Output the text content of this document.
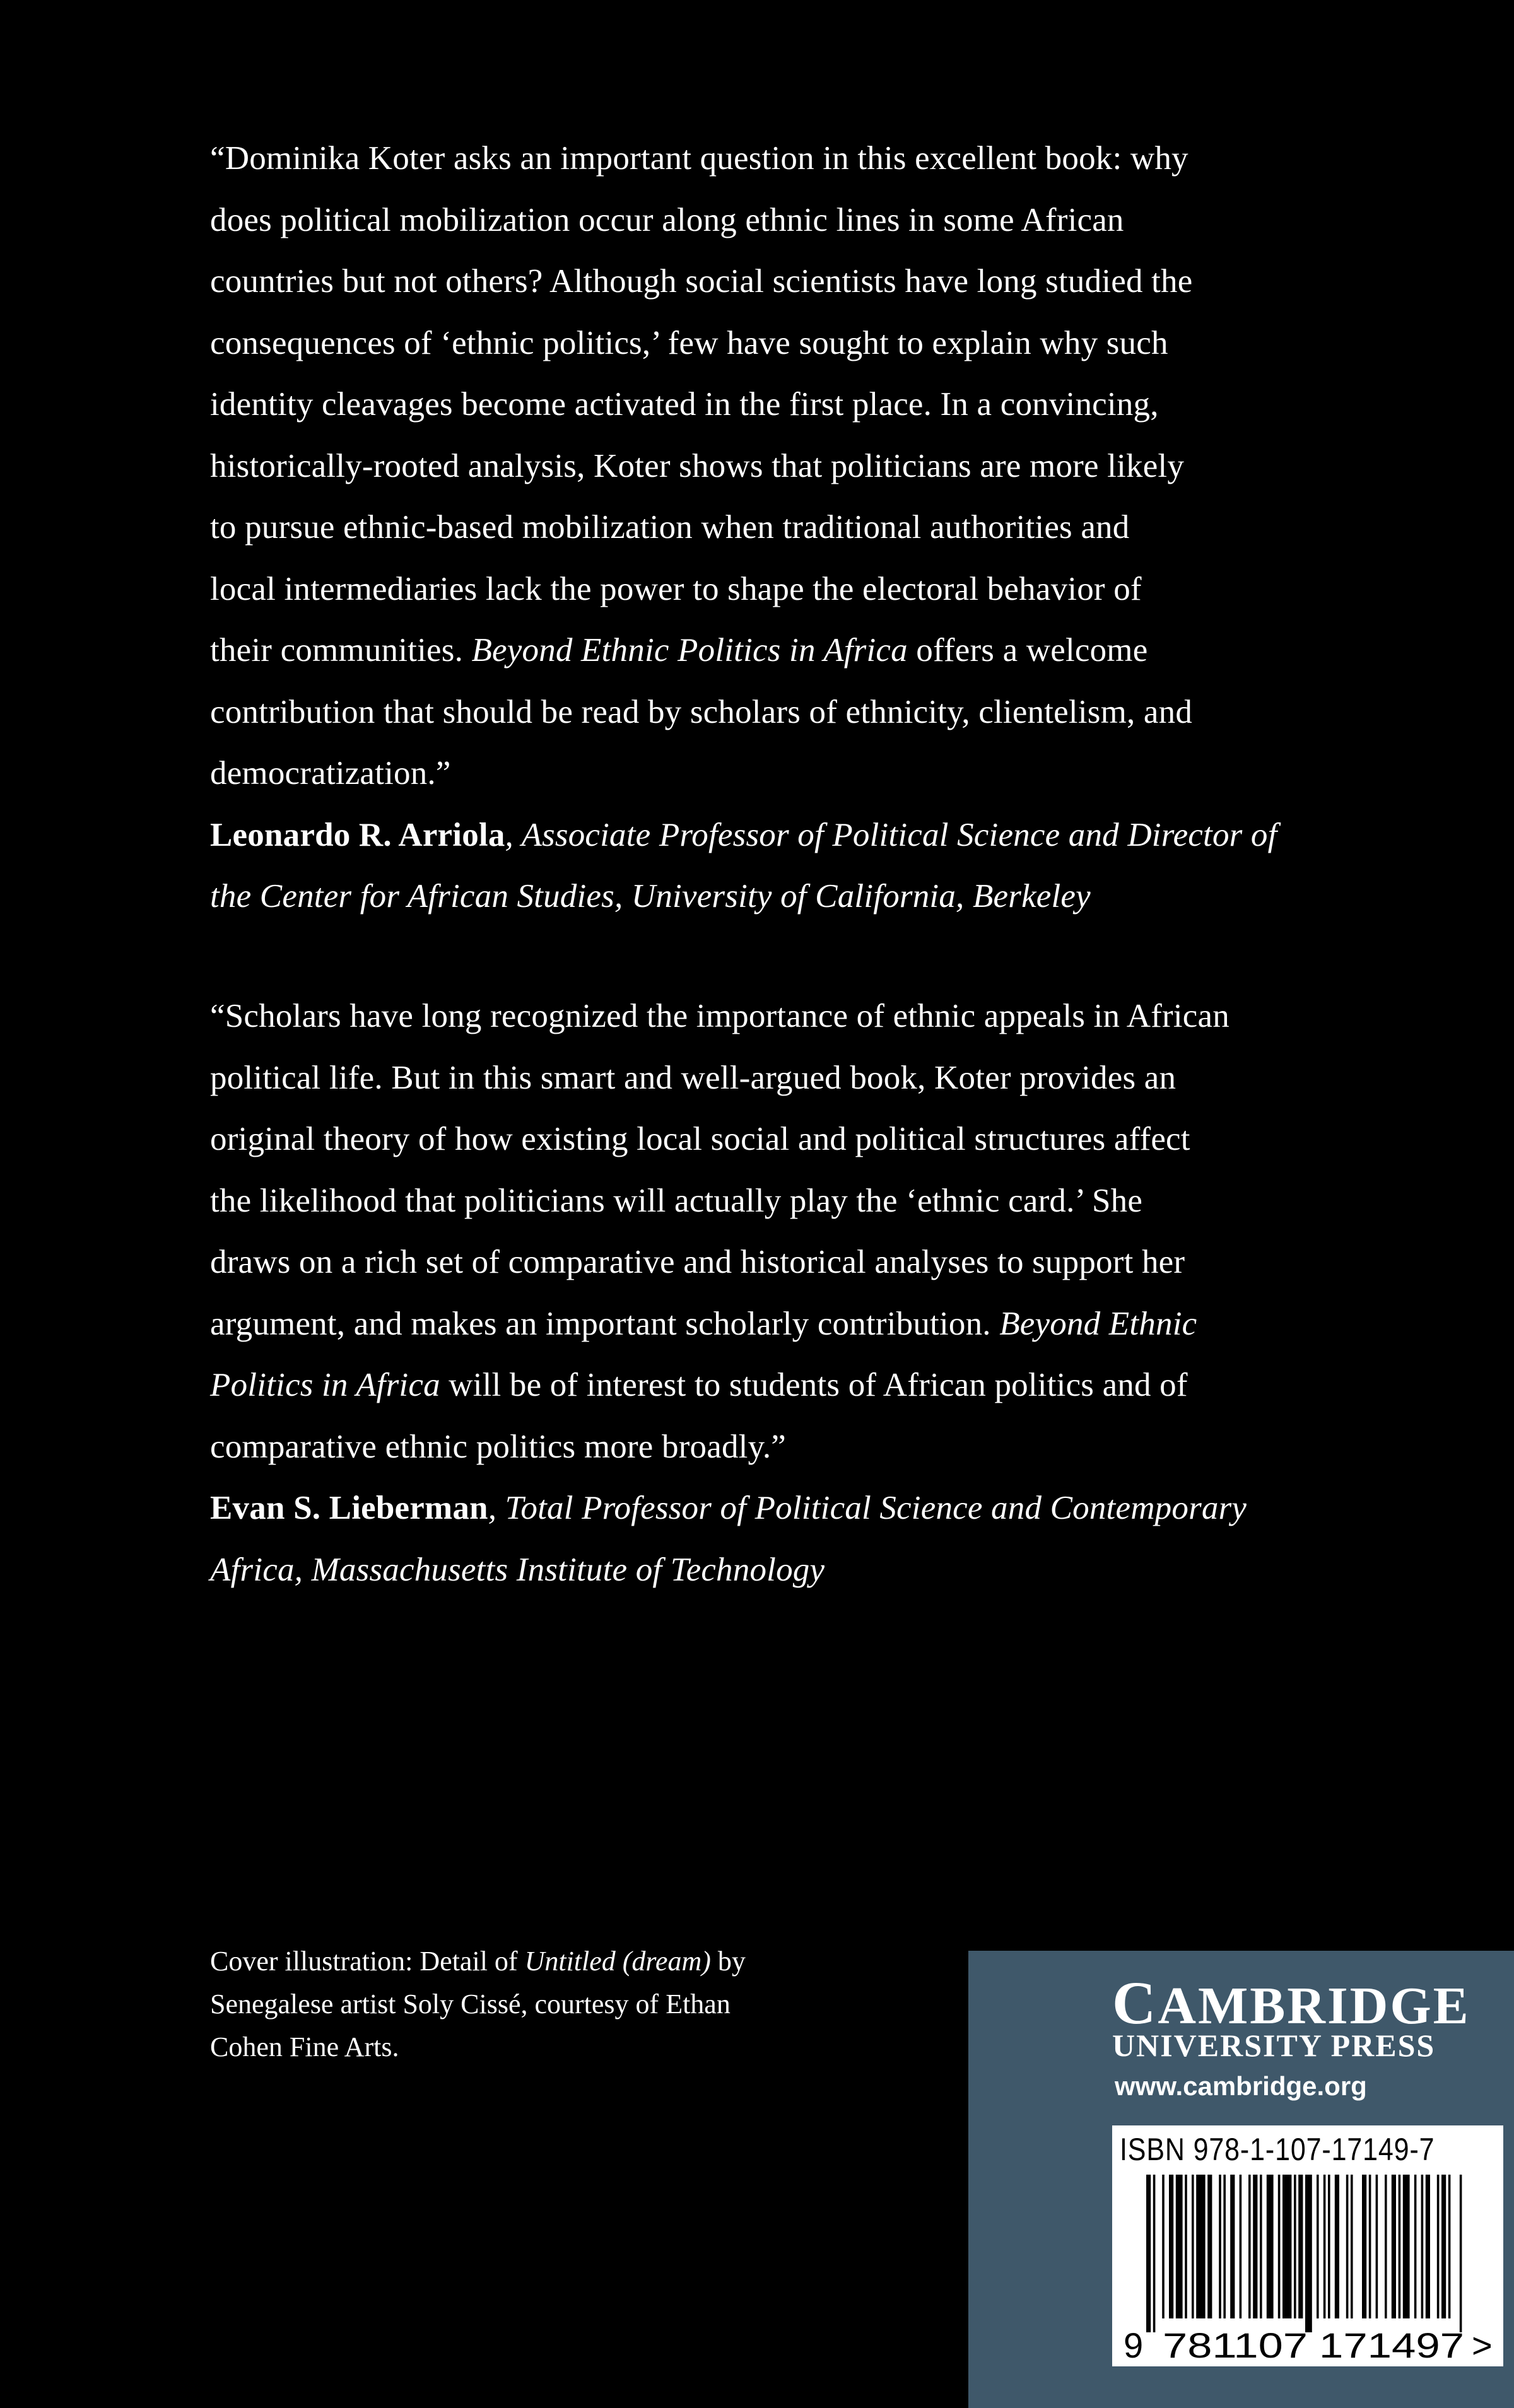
“Dominika Koter asks an important question in this excellent book: why
does political mobilization occur along ethnic lines in some African
countries but not others? Although social scientists have long studied the
consequences of ‘ethnic politics,’ few have sought to explain why such
identity cleavages become activated in the first place. In a convincing,
historically-rooted analysis, Koter shows that politicians are more likely
to pursue ethnic-based mobilization when traditional authorities and
local intermediaries lack the power to shape the electoral behavior of
their communities. Beyond Ethnic Politics in Africa offers a welcome
contribution that should be read by scholars of ethnicity, clientelism, and
democratization.”
Leonardo R. Arriola, Associate Professor of Political Science and Director of
the Center for African Studies, University of California, Berkeley
“Scholars have long recognized the importance of ethnic appeals in African
political life. But in this smart and well-argued book, Koter provides an
original theory of how existing local social and political structures affect
the likelihood that politicians will actually play the ‘ethnic card.’ She
draws on a rich set of comparative and historical analyses to support her
argument, and makes an important scholarly contribution. Beyond Ethnic
Politics in Africa will be of interest to students of African politics and of
comparative ethnic politics more broadly.”
Evan S. Lieberman, Total Professor of Political Science and Contemporary
Africa, Massachusetts Institute of Technology
Cover illustration: Detail of Untitled (dream) by
Senegalese artist Soly Cissé, courtesy of Ethan
Cohen Fine Arts.
CAMBRIDGE
UNIVERSITY PRESS
www.cambridge.org
ISBN 978-1-107-17149-7
9 781107 171497 >
